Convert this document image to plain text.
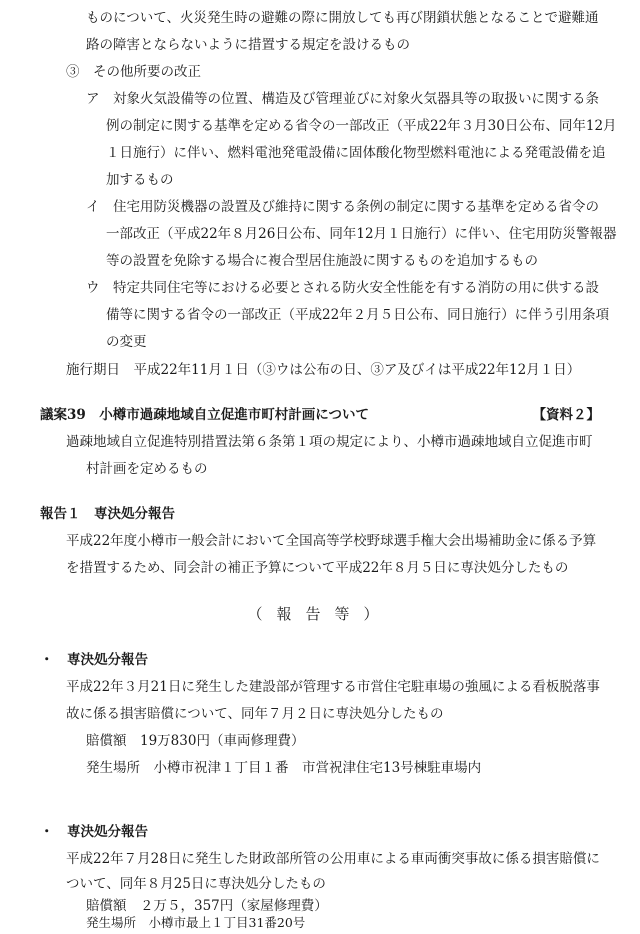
ものについて、火災発生時の避難の際に開放しても再び閉鎖状態となることで避難通
路の障害とならないように措置する規定を設けるもの
③　その他所要の改正
ア　対象火気設備等の位置、構造及び管理並びに対象火気器具等の取扱いに関する条
例の制定に関する基準を定める省令の一部改正（平成22年３月30日公布、同年12月
１日施行）に伴い、燃料電池発電設備に固体酸化物型燃料電池による発電設備を追
加するもの
イ　住宅用防災機器の設置及び維持に関する条例の制定に関する基準を定める省令の
一部改正（平成22年８月26日公布、同年12月１日施行）に伴い、住宅用防災警報器
等の設置を免除する場合に複合型居住施設に関するものを追加するもの
ウ　特定共同住宅等における必要とされる防火安全性能を有する消防の用に供する設
備等に関する省令の一部改正（平成22年２月５日公布、同日施行）に伴う引用条項
の変更
施行期日　平成22年11月１日（③ウは公布の日、③ア及びイは平成22年12月１日）
議案39　小樽市過疎地域自立促進市町村計画について	【資料２】
過疎地域自立促進特別措置法第６条第１項の規定により、小樽市過疎地域自立促進市町
村計画を定めるもの
報告１　専決処分報告
平成22年度小樽市一般会計において全国高等学校野球選手権大会出場補助金に係る予算
を措置するため、同会計の補正予算について平成22年８月５日に専決処分したもの
（報告等）
・　専決処分報告
平成22年３月21日に発生した建設部が管理する市営住宅駐車場の強風による看板脱落事
故に係る損害賠償について、同年７月２日に専決処分したもの
賠償額　19万830円（車両修理費）
発生場所　小樽市祝津１丁目１番　市営祝津住宅13号棟駐車場内
・　専決処分報告
平成22年７月28日に発生した財政部所管の公用車による車両衝突事故に係る損害賠償に
ついて、同年８月25日に専決処分したもの
賠償額　２万５，357円（家屋修理費）
発生場所　小樽市最上１丁目31番20号
